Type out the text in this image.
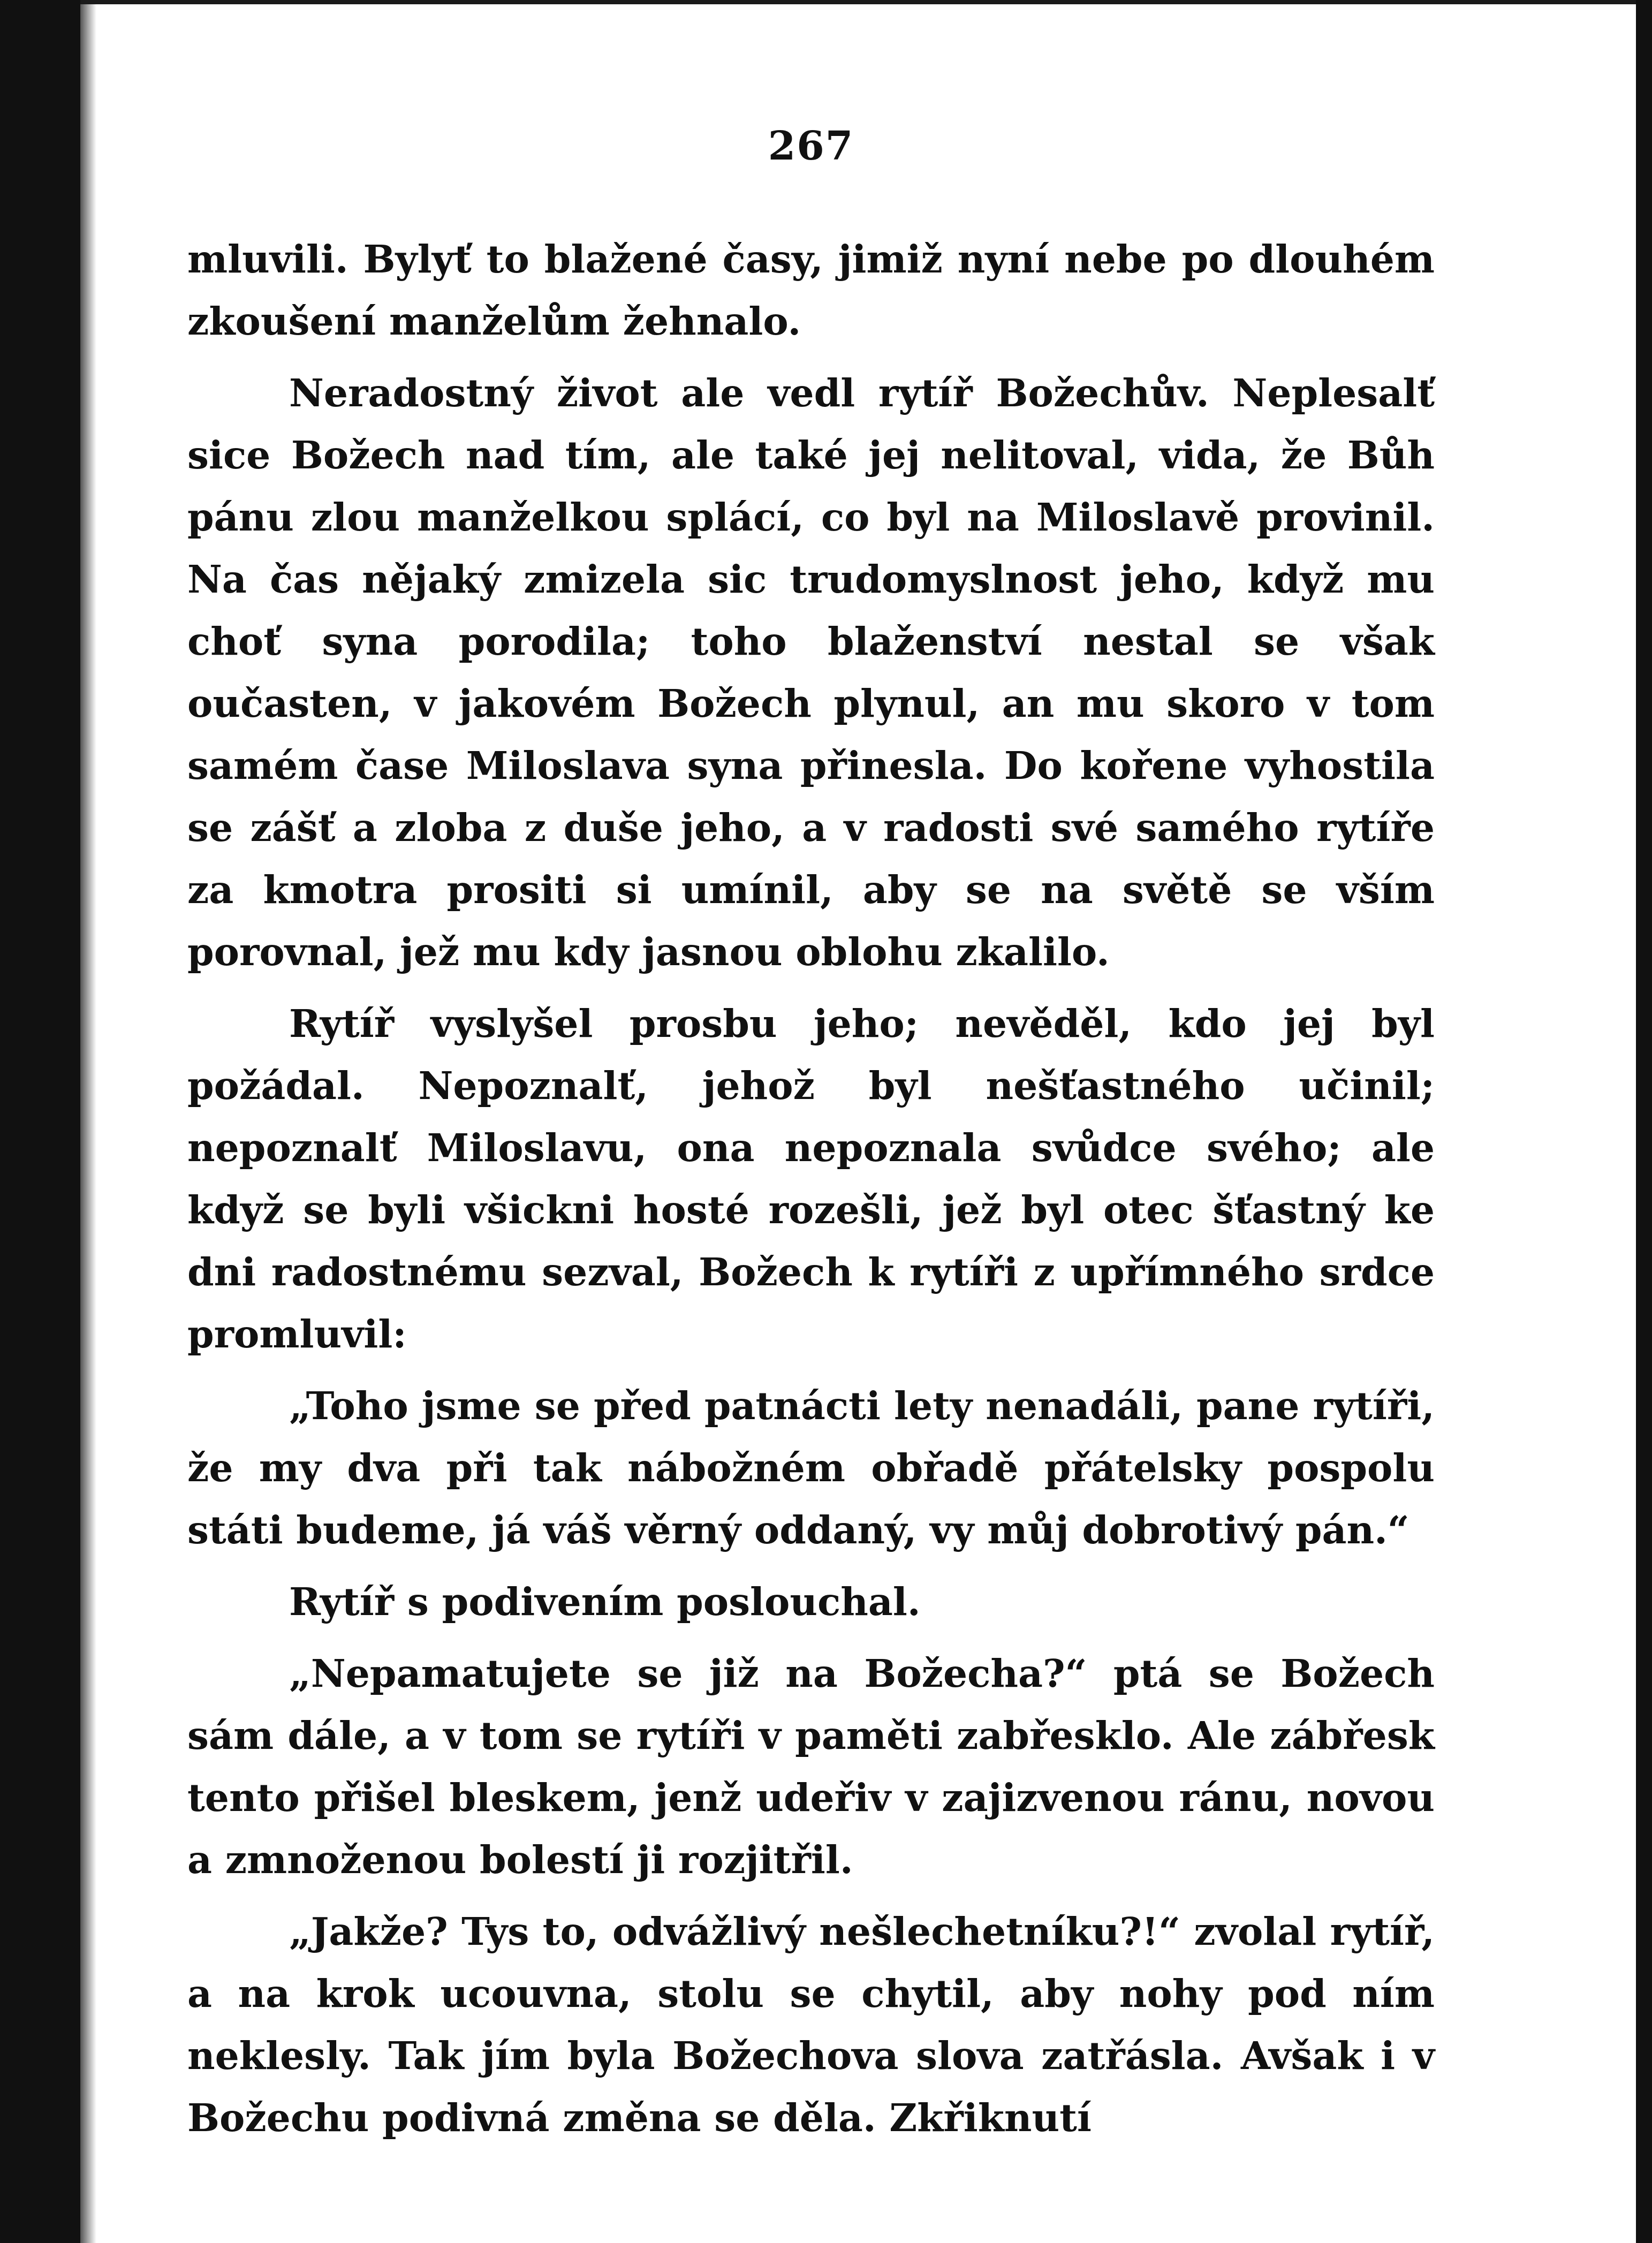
267

mluvili. Bylyť to blažené časy, jimiž nyní nebe po dlouhém zkoušení manželům žehnalo.

Neradostný život ale vedl rytíř Božechův. Neplesalť sice Božech nad tím, ale také jej nelitoval, vida, že Bůh pánu zlou manželkou splácí, co byl na Miloslavě provinil. Na čas nějaký zmizela sic trudomyslnost jeho, když mu choť syna porodila; toho blaženství nestal se však oučasten, v jakovém Božech plynul, an mu skoro v tom samém čase Miloslava syna přinesla. Do kořene vyhostila se zášť a zloba z duše jeho, a v radosti své samého rytíře za kmotra prositi si umínil, aby se na světě se vším porovnal, jež mu kdy jasnou oblohu zkalilo.

Rytíř vyslyšel prosbu jeho; nevěděl, kdo jej byl požádal. Nepoznalť, jehož byl nešťastného učinil; nepoznalť Miloslavu, ona nepoznala svůdce svého; ale když se byli všickni hosté rozešli, jež byl otec šťastný ke dni radostnému sezval, Božech k rytíři z upřímného srdce promluvil:

„Toho jsme se před patnácti lety nenadáli, pane rytíři, že my dva při tak nábožném obřadě přátelsky pospolu státi budeme, já váš věrný oddaný, vy můj dobrotivý pán.“

Rytíř s podivením poslouchal.

„Nepamatujete se již na Božecha?“ ptá se Božech sám dále, a v tom se rytíři v paměti zabřesklo. Ale zábřesk tento přišel bleskem, jenž udeřiv v zajizvenou ránu, novou a zmnoženou bolestí ji rozjitřil.

„Jakže? Tys to, odvážlivý nešlechetníku?!“ zvolal rytíř, a na krok ucouvna, stolu se chytil, aby nohy pod ním neklesly. Tak jím byla Božechova slova zatřásla. Avšak i v Božechu podivná změna se děla. Zkřiknutí
